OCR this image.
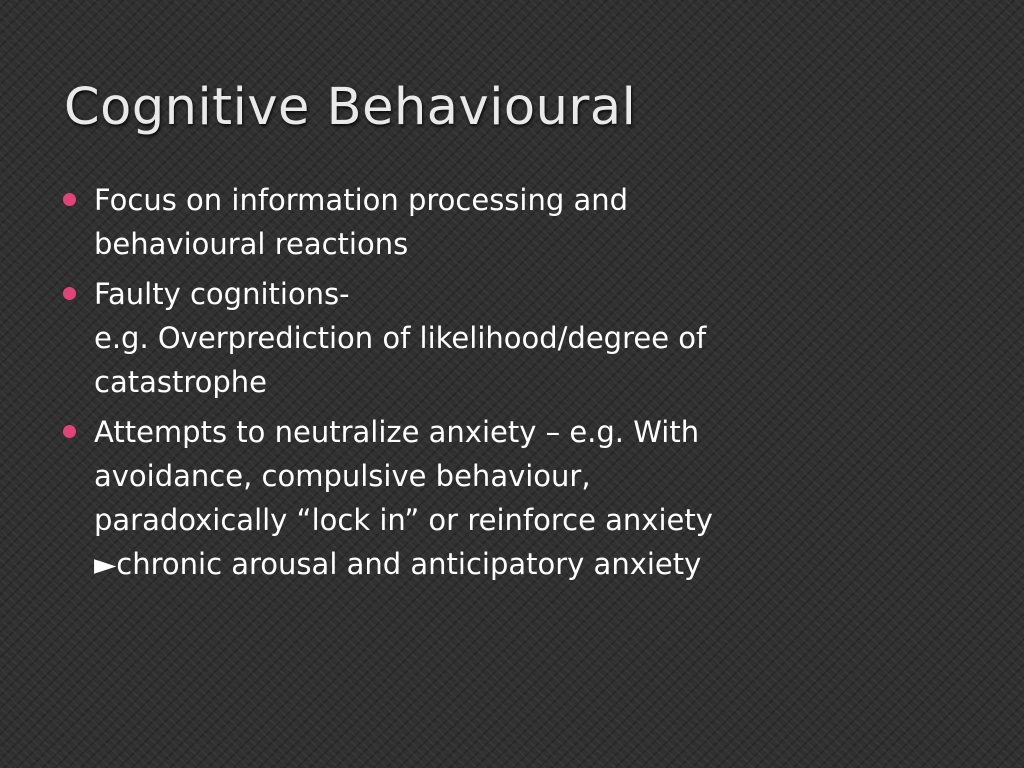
Cognitive Behavioural
Focus on information processing and
behavioural reactions
Faulty cognitions-
e.g. Overprediction of likelihood/degree of
catastrophe
Attempts to neutralize anxiety – e.g. With
avoidance, compulsive behaviour,
paradoxically “lock in” or reinforce anxiety
►chronic arousal and anticipatory anxiety
